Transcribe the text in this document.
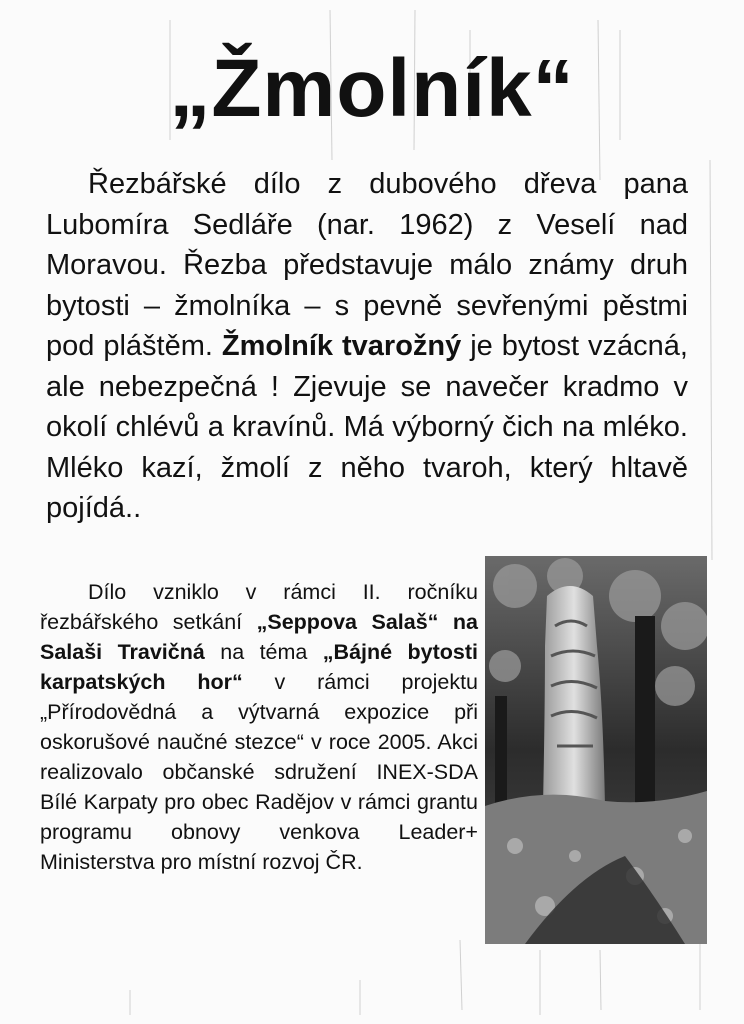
„Žmolník“

Řezbářské dílo z dubového dřeva pana Lubomíra Sedláře (nar. 1962) z Veselí nad Moravou. Řezba představuje málo známy druh bytosti – žmolníka – s pevně sevřenými pěstmi pod pláštěm. Žmolník tvarožný je bytost vzácná, ale nebezpečná ! Zjevuje se navečer kradmo v okolí chlévů a kravínů. Má výborný čich na mléko. Mléko kazí, žmolí z něho tvaroh, který hltavě pojídá..

Dílo vzniklo v rámci II. ročníku řezbářského setkání „Seppova Salaš“ na Salaši Travičná na téma „Bájné bytosti karpatských hor“ v rámci projektu „Přírodovědná a výtvarná expozice při oskorušové naučné stezce“ v roce 2005. Akci realizovalo občanské sdružení INEX-SDA Bílé Karpaty pro obec Radějov v rámci grantu programu obnovy venkova Leader+ Ministerstva pro místní rozvoj ČR.
